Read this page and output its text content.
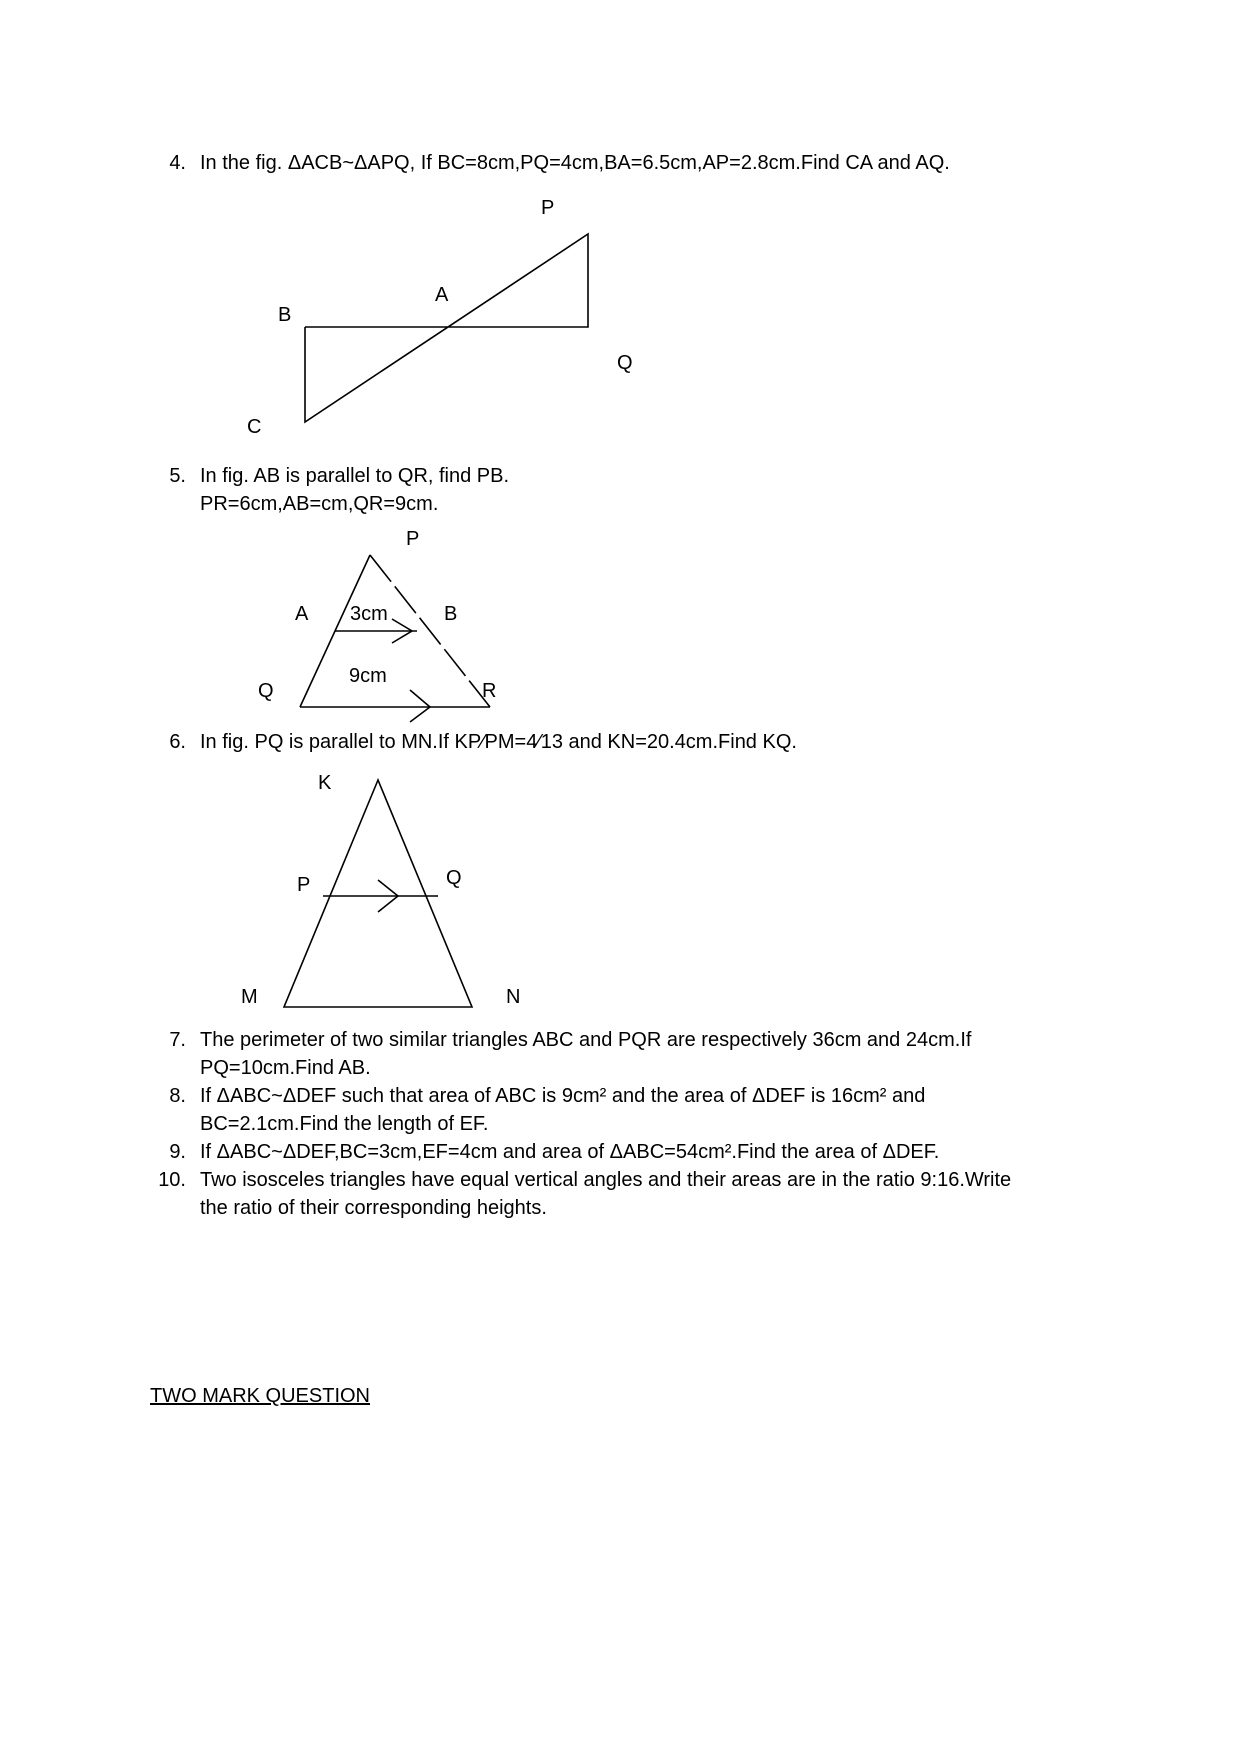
4. In the fig. ΔACB~ΔAPQ, If BC=8cm,PQ=4cm,BA=6.5cm,AP=2.8cm.Find CA and AQ.
P
A
B
Q
C
5. In fig. AB is parallel to QR, find PB.
PR=6cm,AB=cm,QR=9cm.
P
A 3cm	B
9cm
Q	R
6. In fig. PQ is parallel to MN.If KP⁄PM=4⁄13 and KN=20.4cm.Find KQ.
K
P	Q
M	N
7. The perimeter of two similar triangles ABC and PQR are respectively 36cm and 24cm.If
PQ=10cm.Find AB.
8. If ΔABC~ΔDEF such that area of ABC is 9cm² and the area of ΔDEF is 16cm² and
BC=2.1cm.Find the length of EF.
9. If ΔABC~ΔDEF,BC=3cm,EF=4cm and area of ΔABC=54cm².Find the area of ΔDEF.
10. Two isosceles triangles have equal vertical angles and their areas are in the ratio 9:16.Write
the ratio of their corresponding heights.
TWO MARK QUESTION
